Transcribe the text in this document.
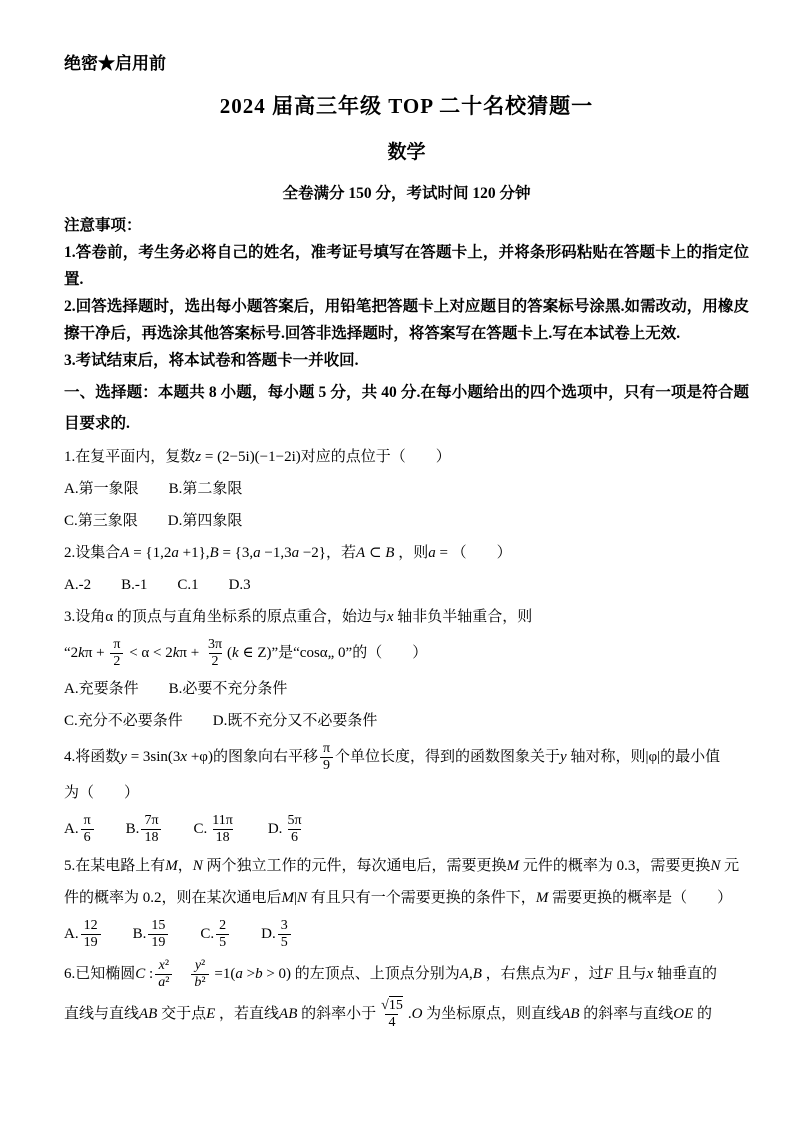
绝密★启用前
2024 届高三年级 TOP 二十名校猜题一
数学
全卷满分 150 分，考试时间 120 分钟
注意事项：

1.答卷前，考生务必将自己的姓名，准考证号填写在答题卡上，并将条形码粘贴在答题卡上的指定位置.

2.回答选择题时，选出每小题答案后，用铅笔把答题卡上对应题目的答案标号涂黑.如需改动，用橡皮擦干净后，再选涂其他答案标号.回答非选择题时，将答案写在答题卡上.写在本试卷上无效.

3.考试结束后，将本试卷和答题卡一并收回.

一、选择题：本题共 8 小题，每小题 5 分，共 40 分.在每小题给出的四个选项中，只有一项是符合题目要求的.
1.在复平面内，复数z = (2−5i)(−1−2i)对应的点位于（　　）
A.第一象限　　B.第二象限
C.第三象限　　D.第四象限
2.设集合A = {1,2a +1},B = {3,a −1,3a −2}，若A ⊂ B ，则a = （　　）
A.-2　　B.-1　　C.1　　D.3
3.设角α 的顶点与直角坐标系的原点重合，始边与x 轴非负半轴重合，则
“$2k\pi + \frac{\pi}{2} < \alpha < 2k\pi + \frac{3\pi}{2} (k$ ∈ Z)”是“cosα„ 0”的（　　）
A.充要条件　　B.必要不充分条件
C.充分不必要条件　　D.既不充分又不必要条件
4.将函数y = 3sin(3x +φ)的图象向右平移 $\frac{\pi}{9}$ 个单位长度，得到的函数图象关于y 轴对称，则|φ|的最小值
为（　　）
A. $\frac{\pi}{6}$ 　　B. $\frac{7\pi}{18}$ 　　C. $\frac{11\pi}{18}$ 　　D. $\frac{5\pi}{6}$
5.在某电路上有M，N 两个独立工作的元件，每次通电后，需要更换M 元件的概率为 0.3，需要更换N 元
件的概率为 0.2，则在某次通电后M|N 有且只有一个需要更换的条件下，M 需要更换的概率是（　　）
A. $\frac{12}{19}$ 　　B. $\frac{15}{19}$ 　　C. $\frac{2}{5}$ 　　D. $\frac{3}{5}$
6.已知椭圆C : $\frac{\text{x²}}{\text{a²}}$
　 $\frac{\text{y²}}{\text{b²}} =1(a >b > 0)$ 的左顶点、上顶点分别为A,B ，右焦点为F ，过F 且与x 轴垂直的
直线与直线AB 交于点E ，若直线AB 的斜率小于 $\frac{√15}{4} .O$ 为坐标原点，则直线AB 的斜率与直线OE 的
